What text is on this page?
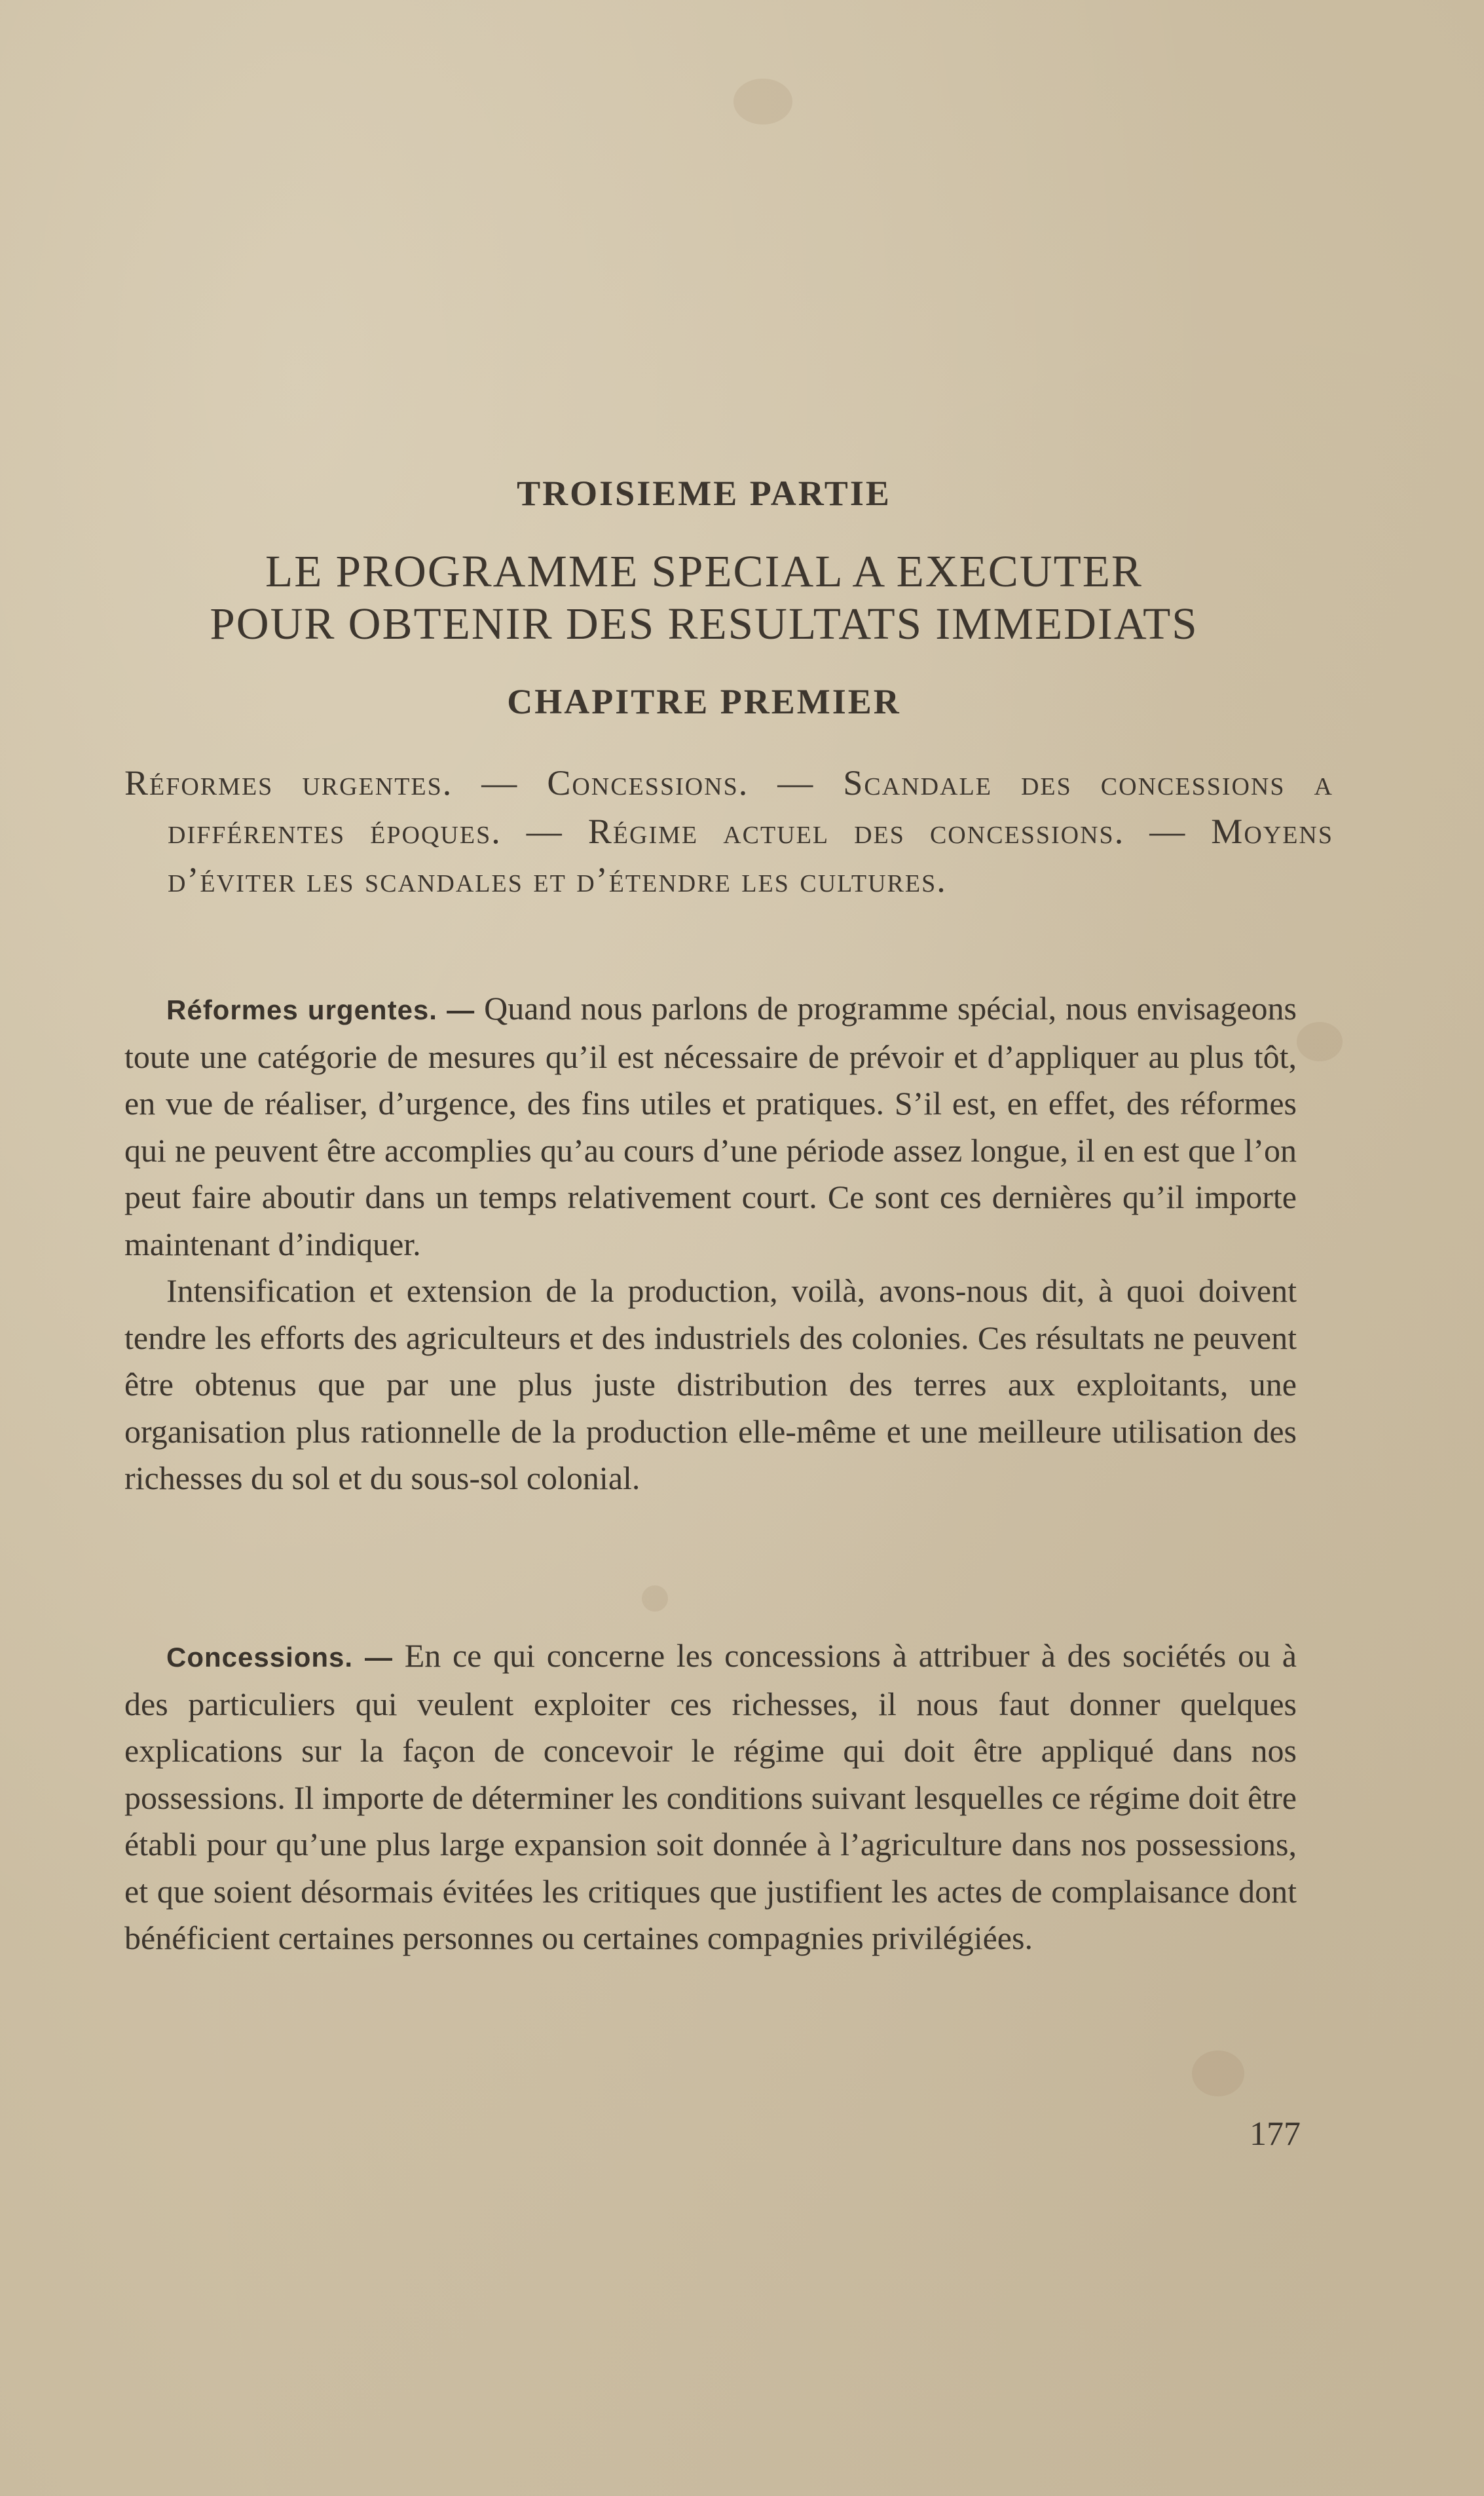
TROISIEME PARTIE
LE PROGRAMME SPECIAL A EXECUTER
POUR OBTENIR DES RESULTATS IMMEDIATS
CHAPITRE PREMIER
Réformes urgentes. — Concessions. — Scandale des concessions a différentes époques. — Régime actuel des concessions. — Moyens d’éviter les scandales et d’étendre les cultures.
Réformes urgentes. — Quand nous parlons de programme spécial, nous envisageons toute une catégorie de mesures qu’il est nécessaire de prévoir et d’appliquer au plus tôt, en vue de réaliser, d’urgence, des fins utiles et pratiques. S’il est, en effet, des réformes qui ne peuvent être accomplies qu’au cours d’une période assez longue, il en est que l’on peut faire aboutir dans un temps relativement court. Ce sont ces dernières qu’il importe maintenant d’indiquer.
Intensification et extension de la production, voilà, avons-nous dit, à quoi doivent tendre les efforts des agriculteurs et des industriels des colonies. Ces résultats ne peuvent être obtenus que par une plus juste distribution des terres aux exploitants, une organisation plus rationnelle de la production elle-même et une meilleure utilisation des richesses du sol et du sous-sol colonial.
Concessions. — En ce qui concerne les concessions à attribuer à des sociétés ou à des particuliers qui veulent exploiter ces richesses, il nous faut donner quelques explications sur la façon de concevoir le régime qui doit être appliqué dans nos possessions. Il importe de déterminer les conditions suivant lesquelles ce régime doit être établi pour qu’une plus large expansion soit donnée à l’agriculture dans nos possessions, et que soient désormais évitées les critiques que justifient les actes de complaisance dont bénéficient certaines personnes ou certaines compagnies privilégiées.
177
